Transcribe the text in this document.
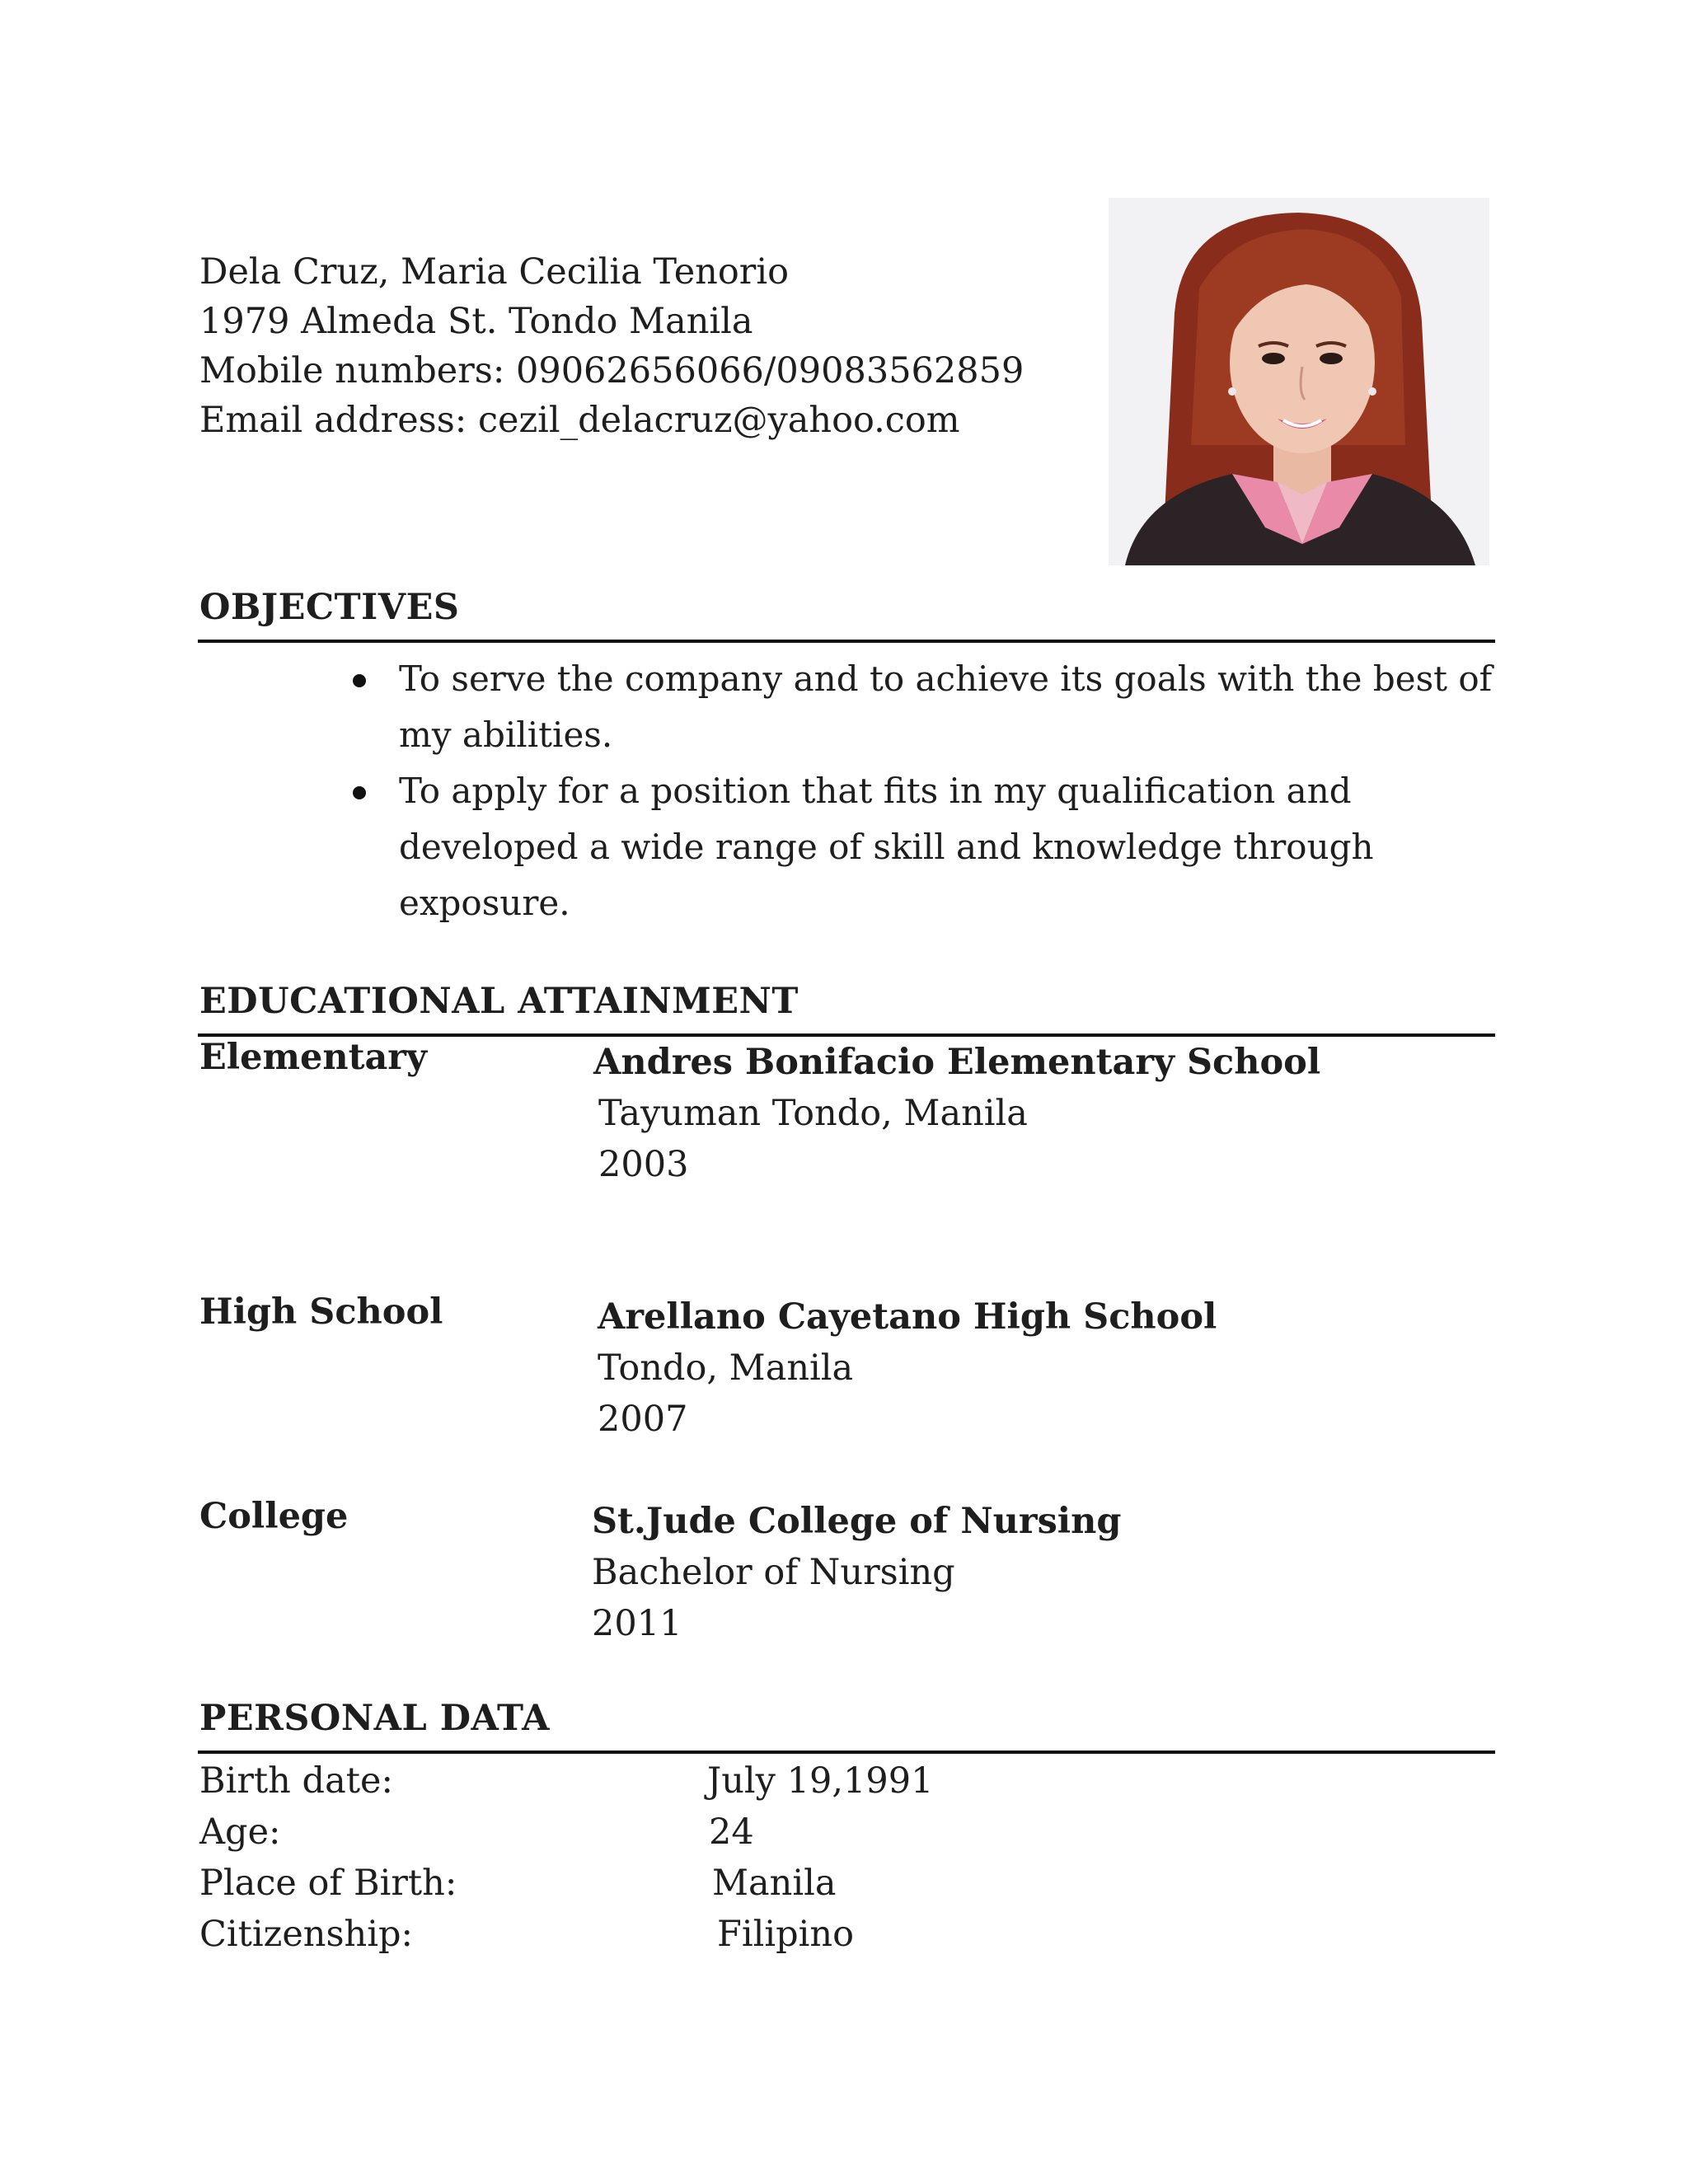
Dela Cruz, Maria Cecilia Tenorio
1979 Almeda St. Tondo Manila
Mobile numbers: 09062656066/09083562859
Email address: cezil_delacruz@yahoo.com
OBJECTIVES
To serve the company and to achieve its goals with the best of
my abilities.
To apply for a position that fits in my qualification and
developed a wide range of skill and knowledge through
exposure.
EDUCATIONAL ATTAINMENT
Elementary	Andres Bonifacio Elementary School
Tayuman Tondo, Manila
2003
High School	Arellano Cayetano High School
Tondo, Manila
2007
College	St.Jude College of Nursing
Bachelor of Nursing
2011
PERSONAL DATA
Birth date:	July 19,1991
Age:	24
Place of Birth:	Manila
Citizenship:	Filipino
